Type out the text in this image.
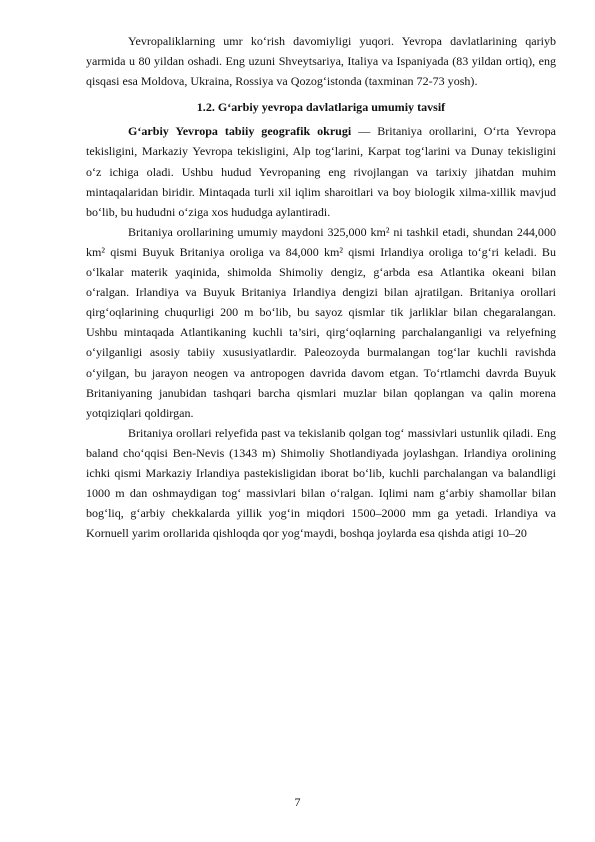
Yevropaliklarning umr ko‘rish davomiyligi yuqori. Yevropa davlatlarining qariyb yarmida u 80 yildan oshadi. Eng uzuni Shveytsariya, Italiya va Ispaniyada (83 yildan ortiq), eng qisqasi esa Moldova, Ukraina, Rossiya va Qozog‘istonda (taxminan 72-73 yosh).

1.2. G‘arbiy yevropa davlatlariga umumiy tavsif

G‘arbiy Yevropa tabiiy geografik okrugi — Britaniya orollarini, O‘rta Yevropa tekisligini, Markaziy Yevropa tekisligini, Alp tog‘larini, Karpat tog‘larini va Dunay tekisligini o‘z ichiga oladi. Ushbu hudud Yevropaning eng rivojlangan va tarixiy jihatdan muhim mintaqalaridan biridir. Mintaqada turli xil iqlim sharoitlari va boy biologik xilma-xillik mavjud bo‘lib, bu hududni o‘ziga xos hududga aylantiradi.

Britaniya orollarining umumiy maydoni 325,000 km² ni tashkil etadi, shundan 244,000 km² qismi Buyuk Britaniya oroliga va 84,000 km² qismi Irlandiya oroliga to‘g‘ri keladi. Bu o‘lkalar materik yaqinida, shimolda Shimoliy dengiz, g‘arbda esa Atlantika okeani bilan o‘ralgan. Irlandiya va Buyuk Britaniya Irlandiya dengizi bilan ajratilgan. Britaniya orollari qirg‘oqlarining chuqurligi 200 m bo‘lib, bu sayoz qismlar tik jarliklar bilan chegaralangan. Ushbu mintaqada Atlantikaning kuchli ta’siri, qirg‘oqlarning parchalanganligi va relyefning o‘yilganligi asosiy tabiiy xususiyatlardir. Paleozoyda burmalangan tog‘lar kuchli ravishda o‘yilgan, bu jarayon neogen va antropogen davrida davom etgan. To‘rtlamchi davrda Buyuk Britaniyaning janubidan tashqari barcha qismlari muzlar bilan qoplangan va qalin morena yotqiziqlari qoldirgan.

Britaniya orollari relyefida past va tekislanib qolgan tog‘ massivlari ustunlik qiladi. Eng baland cho‘qqisi Ben-Nevis (1343 m) Shimoliy Shotlandiyada joylashgan. Irlandiya orolining ichki qismi Markaziy Irlandiya pastekisligidan iborat bo‘lib, kuchli parchalangan va balandligi 1000 m dan oshmaydigan tog‘ massivlari bilan o‘ralgan. Iqlimi nam g‘arbiy shamollar bilan bog‘liq, g‘arbiy chekkalarda yillik yog‘in miqdori 1500–2000 mm ga yetadi. Irlandiya va Kornuell yarim orollarida qishloqda qor yog‘maydi, boshqa joylarda esa qishda atigi 10–20

7
